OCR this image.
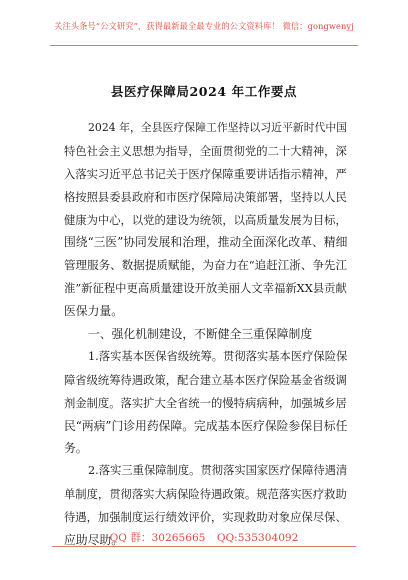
关注头条号“公文研究”，获得最新最全最专业的公文资料库！ 微信：gongwenyj
县医疗保障局2024 年工作要点
2024 年，全县医疗保障工作坚持以习近平新时代中国
特色社会主义思想为指导，全面贯彻党的二十大精神，深
入落实习近平总书记关于医疗保障重要讲话指示精神，严
格按照县委县政府和市医疗保障局决策部署，坚持以人民
健康为中心，以党的建设为统领，以高质量发展为目标，
围绕“三医”协同发展和治理，推动全面深化改革、精细
管理服务、数据提质赋能，为奋力在“追赶江浙、争先江
淮”新征程中更高质量建设开放美丽人文幸福新XX县贡献
医保力量。
一、强化机制建设，不断健全三重保障制度
1.落实基本医保省级统筹。贯彻落实基本医疗保险保
障省级统筹待遇政策，配合建立基本医疗保险基金省级调
剂金制度。落实扩大全省统一的慢特病病种，加强城乡居
民“两病”门诊用药保障。完成基本医疗保险参保目标任
务。
2.落实三重保障制度。贯彻落实国家医疗保障待遇清
单制度，贯彻落实大病保险待遇政策。规范落实医疗救助
待遇，加强制度运行绩效评价，实现救助对象应保尽保、
应助尽助。
QQ 群：30265665 QQ:535304092
